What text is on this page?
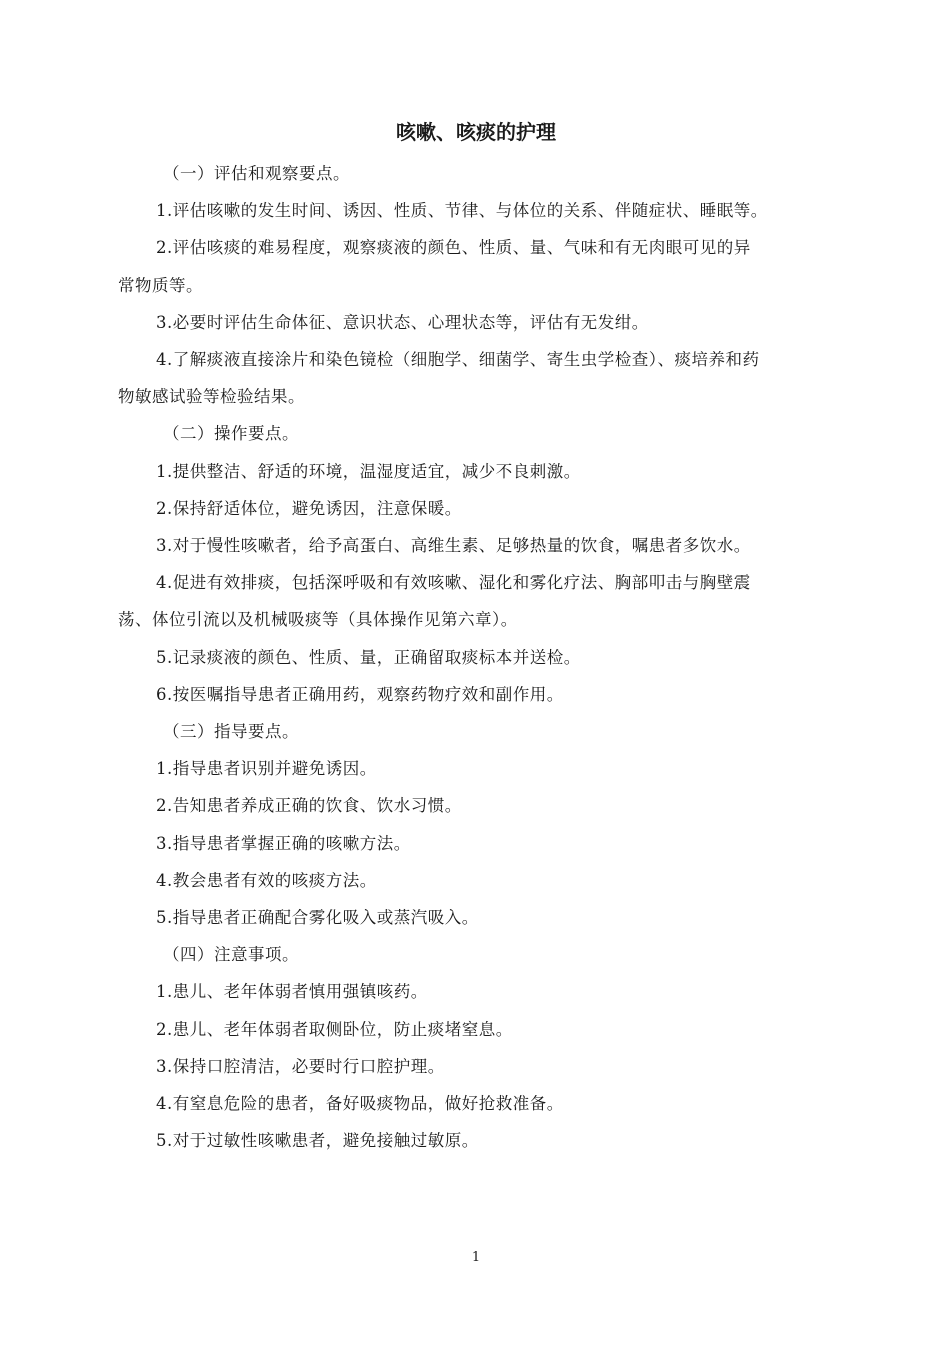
咳嗽、咳痰的护理
（一）评估和观察要点。
1.评估咳嗽的发生时间、诱因、性质、节律、与体位的关系、伴随症状、睡眠等。
2.评估咳痰的难易程度，观察痰液的颜色、性质、量、气味和有无肉眼可见的异
常物质等。
3.必要时评估生命体征、意识状态、心理状态等，评估有无发绀。
4.了解痰液直接涂片和染色镜检（细胞学、细菌学、寄生虫学检查）、痰培养和药
物敏感试验等检验结果。
（二）操作要点。
1.提供整洁、舒适的环境，温湿度适宜，减少不良刺激。
2.保持舒适体位，避免诱因，注意保暖。
3.对于慢性咳嗽者，给予高蛋白、高维生素、足够热量的饮食，嘱患者多饮水。
4.促进有效排痰，包括深呼吸和有效咳嗽、湿化和雾化疗法、胸部叩击与胸壁震
荡、体位引流以及机械吸痰等（具体操作见第六章）。
5.记录痰液的颜色、性质、量，正确留取痰标本并送检。
6.按医嘱指导患者正确用药，观察药物疗效和副作用。
（三）指导要点。
1.指导患者识别并避免诱因。
2.告知患者养成正确的饮食、饮水习惯。
3.指导患者掌握正确的咳嗽方法。
4.教会患者有效的咳痰方法。
5.指导患者正确配合雾化吸入或蒸汽吸入。
（四）注意事项。
1.患儿、老年体弱者慎用强镇咳药。
2.患儿、老年体弱者取侧卧位，防止痰堵窒息。
3.保持口腔清洁，必要时行口腔护理。
4.有窒息危险的患者，备好吸痰物品，做好抢救准备。
5.对于过敏性咳嗽患者，避免接触过敏原。
1
